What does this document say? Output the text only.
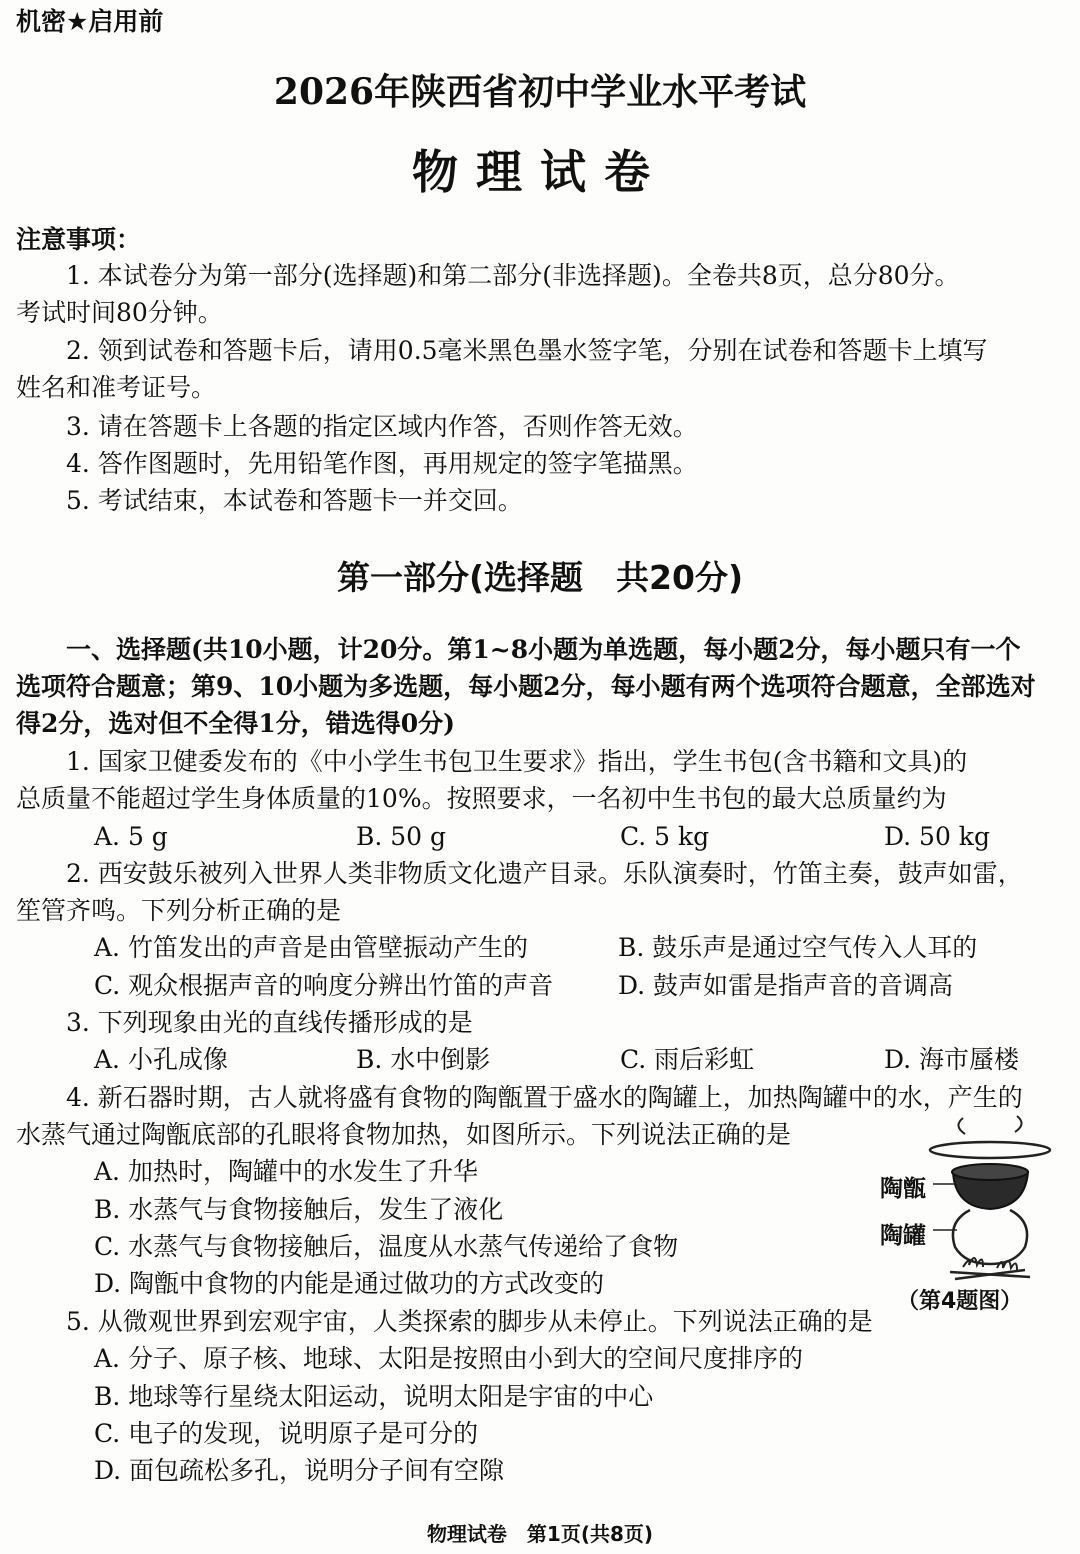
机密★启用前
2026年陕西省初中学业水平考试
物理试卷
注意事项：
1. 本试卷分为第一部分(选择题)和第二部分(非选择题)。全卷共8页，总分80分。
考试时间80分钟。
2. 领到试卷和答题卡后，请用0.5毫米黑色墨水签字笔，分别在试卷和答题卡上填写
姓名和准考证号。
3. 请在答题卡上各题的指定区域内作答，否则作答无效。
4. 答作图题时，先用铅笔作图，再用规定的签字笔描黑。
5. 考试结束，本试卷和答题卡一并交回。
第一部分(选择题　共20分)
一、选择题(共10小题，计20分。第1~8小题为单选题，每小题2分，每小题只有一个
选项符合题意；第9、10小题为多选题，每小题2分，每小题有两个选项符合题意，全部选对
得2分，选对但不全得1分，错选得0分)
1. 国家卫健委发布的《中小学生书包卫生要求》指出，学生书包(含书籍和文具)的
总质量不能超过学生身体质量的10%。按照要求，一名初中生书包的最大总质量约为
A. 5 g	B. 50 g	C. 5 kg	D. 50 kg
2. 西安鼓乐被列入世界人类非物质文化遗产目录。乐队演奏时，竹笛主奏，鼓声如雷，
笙管齐鸣。下列分析正确的是
A. 竹笛发出的声音是由管壁振动产生的	B. 鼓乐声是通过空气传入人耳的
C. 观众根据声音的响度分辨出竹笛的声音	D. 鼓声如雷是指声音的音调高
3. 下列现象由光的直线传播形成的是
A. 小孔成像	B. 水中倒影	C. 雨后彩虹	D. 海市蜃楼
4. 新石器时期，古人就将盛有食物的陶甑置于盛水的陶罐上，加热陶罐中的水，产生的
水蒸气通过陶甑底部的孔眼将食物加热，如图所示。下列说法正确的是
A. 加热时，陶罐中的水发生了升华
B. 水蒸气与食物接触后，发生了液化
C. 水蒸气与食物接触后，温度从水蒸气传递给了食物
D. 陶甑中食物的内能是通过做功的方式改变的
陶甑
陶罐
（第4题图）
5. 从微观世界到宏观宇宙，人类探索的脚步从未停止。下列说法正确的是
A. 分子、原子核、地球、太阳是按照由小到大的空间尺度排序的
B. 地球等行星绕太阳运动，说明太阳是宇宙的中心
C. 电子的发现，说明原子是可分的
D. 面包疏松多孔，说明分子间有空隙
物理试卷　第1页(共8页)
